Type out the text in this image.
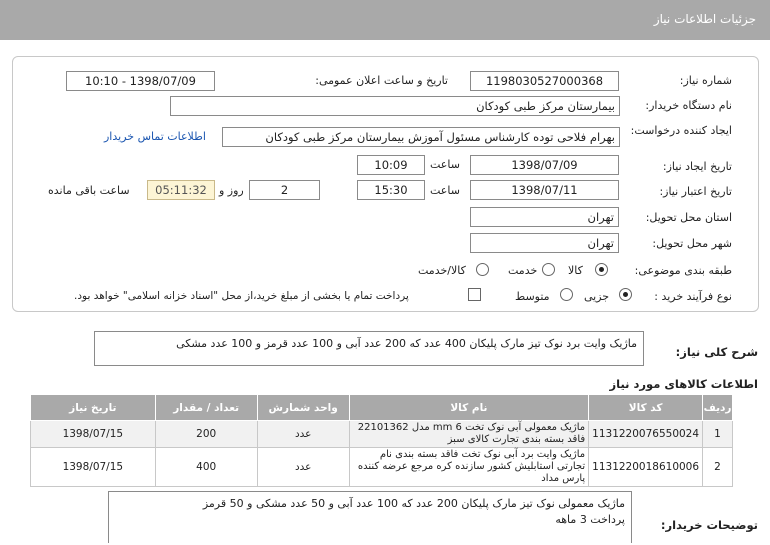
جزئیات اطلاعات نیاز
شماره نیاز:
1198030527000368
تاریخ و ساعت اعلان عمومی:
1398/07/09 - 10:10
نام دستگاه خریدار:
بیمارستان مرکز طبی کودکان
ایجاد کننده درخواست:
بهرام فلاحی توده کارشناس مسئول آموزش بیمارستان مرکز طبی کودکان
اطلاعات تماس خریدار
تاریخ ایجاد نیاز:
1398/07/09
ساعت
10:09
تاریخ اعتبار نیاز:
1398/07/11
ساعت
15:30
2
روز و
05:11:32
ساعت باقی مانده
استان محل تحویل:
تهران
شهر محل تحویل:
تهران
طبقه بندی موضوعی:
کالا
خدمت
کالا/خدمت
نوع فرآیند خرید :
جزیی
متوسط
پرداخت تمام یا بخشی از مبلغ خرید،از محل "اسناد خزانه اسلامی" خواهد بود.
شرح کلی نیاز:
ماژیک وایت برد نوک تیز مارک پلیکان 400 عدد که 200 عدد آبی و 100 عدد قرمز و 100 عدد مشکی
اطلاعات کالاهای مورد نیاز
ردیف	کد کالا	نام کالا	واحد شمارش	تعداد / مقدار	تاریخ نیاز
1	1131220076550024	ماژیک معمولی آبی نوک تخت 6 mm مدل 22101362 فاقد بسته بندی تجارت کالای سبز	عدد	200	1398/07/15
2	1131220018610006	ماژیک وایت برد آبی نوک تخت فاقد بسته بندی نام تجارتی استابلیش کشور سازنده کره مرجع عرضه کننده پارس مداد	عدد	400	1398/07/15
توضیحات خریدار:
ماژیک معمولی نوک تیز مارک پلیکان 200 عدد که 100 عدد آبی و 50 عدد مشکی و 50 قرمز
پرداخت 3 ماهه
